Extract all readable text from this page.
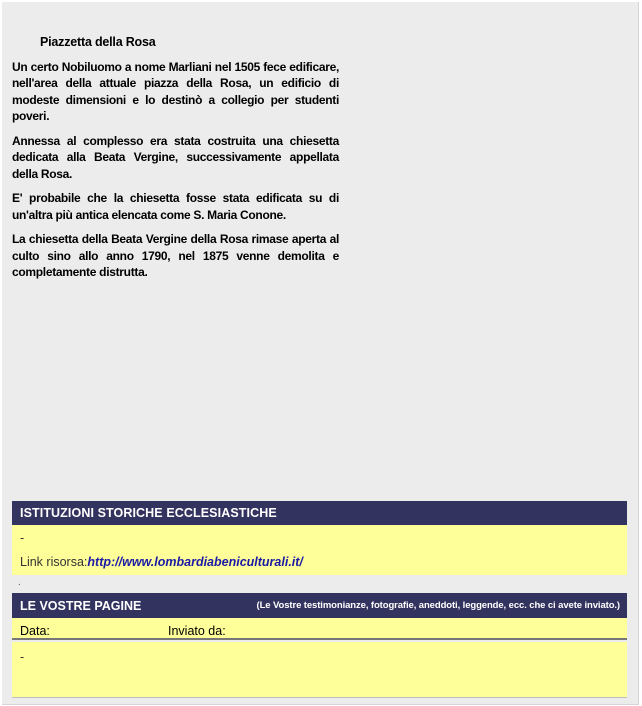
Piazzetta della Rosa

Un certo Nobiluomo a nome Marliani nel 1505 fece edificare, nell'area della attuale piazza della Rosa, un edificio di modeste dimensioni e lo destinò a collegio per studenti poveri.

Annessa al complesso era stata costruita una chiesetta dedicata alla Beata Vergine, successivamente appellata della Rosa.

E' probabile che la chiesetta fosse stata edificata su di un'altra più antica elencata come S. Maria Conone.

La chiesetta della Beata Vergine della Rosa rimase aperta al culto sino allo anno 1790, nel 1875 venne demolita e completamente distrutta.

ISTITUZIONI STORICHE ECCLESIASTICHE
-
Link risorsa:http://www.lombardiabeniculturali.it/
.
LE VOSTRE PAGINE	(Le Vostre testimonianze, fotografie, aneddoti, leggende, ecc. che ci avete inviato.)
Data:	Inviato da:
-
